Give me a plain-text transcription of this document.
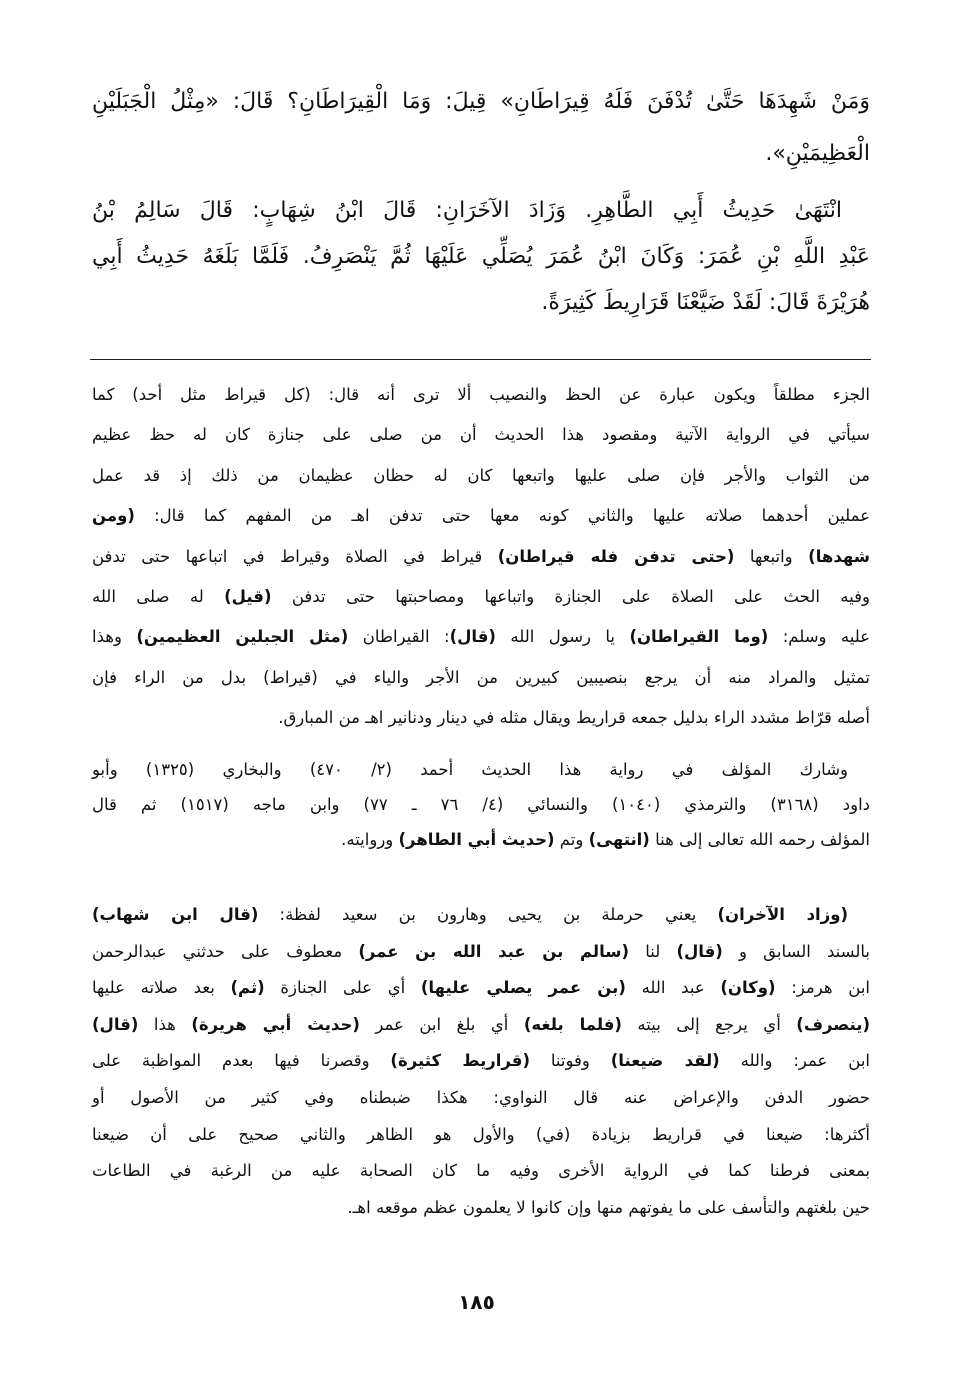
وَمَنْ شَهِدَهَا حَتَّىٰ تُدْفَنَ فَلَهُ قِيرَاطَانِ» قِيلَ: وَمَا الْقِيرَاطَانِ؟ قَالَ: «مِثْلُ الْجَبَلَيْنِ
الْعَظِيمَيْنِ».
انْتَهَىٰ حَدِيثُ أَبِي الطَّاهِرِ. وَزَادَ الآخَرَانِ: قَالَ ابْنُ شِهَابٍ: قَالَ سَالِمُ بْنُ
عَبْدِ اللَّهِ بْنِ عُمَرَ: وَكَانَ ابْنُ عُمَرَ يُصَلِّي عَلَيْهَا ثُمَّ يَنْصَرِفُ. فَلَمَّا بَلَغَهُ حَدِيثُ أَبِي
هُرَيْرَةَ قَالَ: لَقَدْ ضَيَّعْنَا قَرَارِيطَ كَثِيرَةً.
الجزء مطلقاً ويكون عبارة عن الحظ والنصيب ألا ترى أنه قال: (كل قيراط مثل أحد) كما
سيأتي في الرواية الآتية ومقصود هذا الحديث أن من صلى على جنازة كان له حظ عظيم
من الثواب والأجر فإن صلى عليها واتبعها كان له حظان عظيمان من ذلك إذ قد عمل
عملين أحدهما صلاته عليها والثاني كونه معها حتى تدفن اهـ من المفهم كما قال: (ومن
شهدها) واتبعها (حتى تدفن فله قيراطان) قيراط في الصلاة وقيراط في اتباعها حتى تدفن
وفيه الحث على الصلاة على الجنازة واتباعها ومصاحبتها حتى تدفن (قيل) له صلى الله
عليه وسلم: (وما القيراطان) يا رسول الله (قال): القيراطان (مثل الجبلين العظيمين) وهذا
تمثيل والمراد منه أن يرجع بنصيبين كبيرين من الأجر والياء في (قيراط) بدل من الراء فإن
أصله قرّاط مشدد الراء بدليل جمعه قراريط ويقال مثله في دينار ودنانير اهـ من المبارق.
وشارك المؤلف في رواية هذا الحديث أحمد (٢/ ٤٧٠) والبخاري (١٣٢٥) وأبو
داود (٣١٦٨) والترمذي (١٠٤٠) والنسائي (٤/ ٧٦ ـ ٧٧) وابن ماجه (١٥١٧) ثم قال
المؤلف رحمه الله تعالى إلى هنا (انتهى) وتم (حديث أبي الطاهر) وروايته.
(وزاد الآخران) يعني حرملة بن يحيى وهارون بن سعيد لفظة: (قال ابن شهاب)
بالسند السابق و (قال) لنا (سالم بن عبد الله بن عمر) معطوف على حدثني عبدالرحمن
ابن هرمز: (وكان) عبد الله (بن عمر يصلي عليها) أي على الجنازة (ثم) بعد صلاته عليها
(ينصرف) أي يرجع إلى بيته (فلما بلغه) أي بلغ ابن عمر (حديث أبي هريرة) هذا (قال)
ابن عمر: والله (لقد ضيعنا) وفوتنا (قراريط كثيرة) وقصرنا فيها بعدم المواظبة على
حضور الدفن والإعراض عنه قال النواوي: هكذا ضبطناه وفي كثير من الأصول أو
أكثرها: ضيعنا في قراريط بزيادة (في) والأول هو الظاهر والثاني صحيح على أن ضيعنا
بمعنى فرطنا كما في الرواية الأخرى وفيه ما كان الصحابة عليه من الرغبة في الطاعات
حين بلغتهم والتأسف على ما يفوتهم منها وإن كانوا لا يعلمون عظم موقعه اهـ.
١٨٥
